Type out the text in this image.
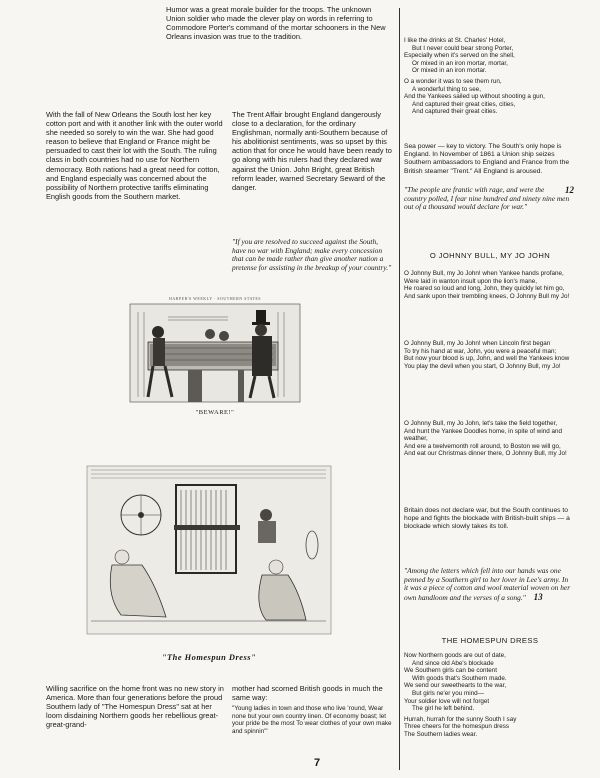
Humor was a great morale builder for the troops. The unknown Union soldier who made the clever play on words in referring to Commodore Porter's command of the mortar schooners in the New Orleans invasion was true to the tradition.

With the fall of New Orleans the South lost her key cotton port and with it another link with the outer world she needed so sorely to win the war. She had good reason to believe that England or France might be persuaded to cast their lot with the South. The ruling class in both countries had no use for Northern democracy. Both nations had a great need for cotton, and England especially was concerned about the possibility of Northern protective tariffs eliminating English goods from the Southern market.

The Trent Affair brought England dangerously close to a declaration, for the ordinary Englishman, normally anti-Southern because of his abolitionist sentiments, was so upset by this action that for once he would have been ready to go along with his rulers had they declared war against the Union. John Bright, great British reform leader, warned Secretary Seward of the danger.

"If you are resolved to succeed against the South, have no war with England; make every concession that can be made rather than give another nation a pretense for assisting in the breakup of your country."

HARPER'S WEEKLY · SOUTHERN STATES
"BEWARE!"
"The Homespun Dress"

Willing sacrifice on the home front was no new story in America. More than four generations before the proud Southern lady of "The Homespun Dress" sat at her loom disdaining Northern goods her rebellious great-great-grand-

mother had scorned British goods in much the same way:

"Young ladies in town and those who live 'round, Wear none but your own country linen. Of economy boast; let your pride be the most To wear clothes of your own make and spinnin'"

I like the drinks at St. Charles' Hotel,

But I never could bear strong Porter,

Especially when it's served on the shell,

Or mixed in an iron mortar, mortar,

Or mixed in an iron mortar.

O a wonder it was to see them run,

A wonderful thing to see,

And the Yankees sailed up without shooting a gun,

And captured their great cities, cities,

And captured their great cities.

Sea power — key to victory. The South's only hope is England. In November of 1861 a Union ship seizes Southern ambassadors to England and France from the British steamer "Trent." All England is aroused.

12
"The people are frantic with rage, and were the country polled, I fear nine hundred and ninety nine men out of a thousand would declare for war."
O JOHNNY BULL, MY JO JOHN

O Johnny Bull, my Jo John! when Yankee hands profane,

Were laid in wanton insult upon the lion's mane,

He roared so loud and long, John, they quickly let him go,

And sank upon their trembling knees, O Johnny Bull my Jo!

O Johnny Bull, my Jo John! when Lincoln first began

To try his hand at war, John, you were a peaceful man;

But now your blood is up, John, and well the Yankees know

You play the devil when you start, O Johnny Bull, my Jo!

O Johnny Bull, my Jo John, let's take the field together,

And hunt the Yankee Doodles home, in spite of wind and weather,

And ere a twelvemonth roll around, to Boston we will go,

And eat our Christmas dinner there, O Johnny Bull, my Jo!

Britain does not declare war, but the South continues to hope and fights the blockade with British-built ships — a blockade which slowly takes its toll.

"Among the letters which fell into our hands was one penned by a Southern girl to her lover in Lee's army. In it was a piece of cotton and wool material woven on her own handloom and the verses of a song." 13
THE HOMESPUN DRESS

Now Northern goods are out of date,

And since old Abe's blockade

We Southern girls can be content

With goods that's Southern made.

We send our sweethearts to the war,

But girls ne'er you mind—

Your soldier love will not forget

The girl he left behind.

Hurrah, hurrah for the sunny South I say

Three cheers for the homespun dress

The Southern ladies wear.

7
